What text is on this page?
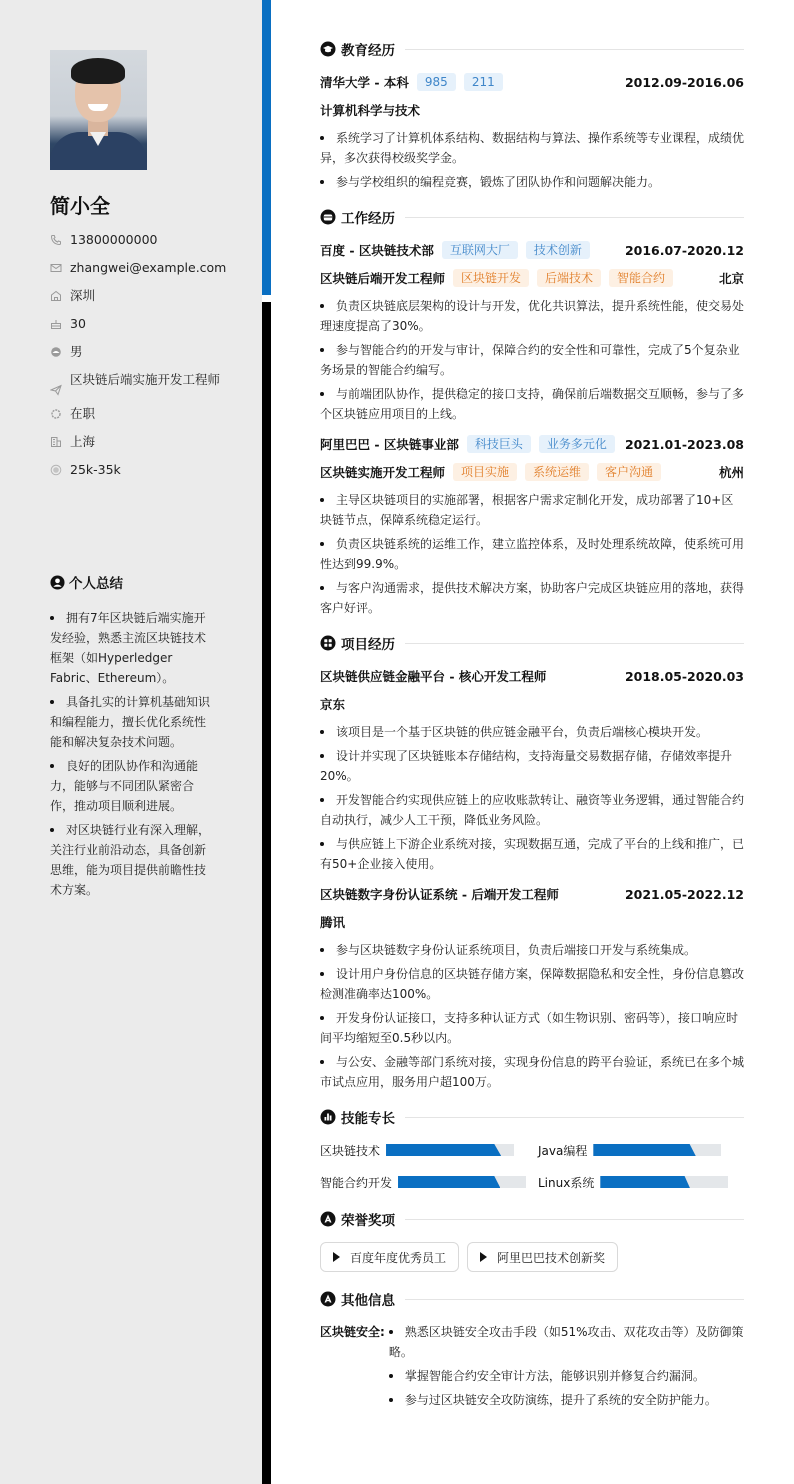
简小全
13800000000
zhangwei@example.com
深圳
30
男
区块链后端实施开发工程师
在职
上海
25k-35k
个人总结
拥有7年区块链后端实施开发经验，熟悉主流区块链技术框架（如Hyperledger Fabric、Ethereum）。
具备扎实的计算机基础知识和编程能力，擅长优化系统性能和解决复杂技术问题。
良好的团队协作和沟通能力，能够与不同团队紧密合作，推动项目顺利进展。
对区块链行业有深入理解，关注行业前沿动态，具备创新思维，能为项目提供前瞻性技术方案。
教育经历
清华大学 - 本科	985	211	2012.09-2016.06
计算机科学与技术
系统学习了计算机体系结构、数据结构与算法、操作系统等专业课程，成绩优异，多次获得校级奖学金。
参与学校组织的编程竞赛，锻炼了团队协作和问题解决能力。
工作经历
百度 - 区块链技术部	互联网大厂	技术创新	2016.07-2020.12
区块链后端开发工程师	区块链开发	后端技术	智能合约	北京
负责区块链底层架构的设计与开发，优化共识算法，提升系统性能，使交易处理速度提高了30%。
参与智能合约的开发与审计，保障合约的安全性和可靠性，完成了5个复杂业务场景的智能合约编写。
与前端团队协作，提供稳定的接口支持，确保前后端数据交互顺畅，参与了多个区块链应用项目的上线。
阿里巴巴 - 区块链事业部	科技巨头	业务多元化	2021.01-2023.08
区块链实施开发工程师	项目实施	系统运维	客户沟通	杭州
主导区块链项目的实施部署，根据客户需求定制化开发，成功部署了10+区块链节点，保障系统稳定运行。
负责区块链系统的运维工作，建立监控体系，及时处理系统故障，使系统可用性达到99.9%。
与客户沟通需求，提供技术解决方案，协助客户完成区块链应用的落地，获得客户好评。
项目经历
区块链供应链金融平台 - 核心开发工程师	2018.05-2020.03
京东
该项目是一个基于区块链的供应链金融平台，负责后端核心模块开发。
设计并实现了区块链账本存储结构，支持海量交易数据存储，存储效率提升20%。
开发智能合约实现供应链上的应收账款转让、融资等业务逻辑，通过智能合约自动执行，减少人工干预，降低业务风险。
与供应链上下游企业系统对接，实现数据互通，完成了平台的上线和推广，已有50+企业接入使用。
区块链数字身份认证系统 - 后端开发工程师	2021.05-2022.12
腾讯
参与区块链数字身份认证系统项目，负责后端接口开发与系统集成。
设计用户身份信息的区块链存储方案，保障数据隐私和安全性，身份信息篡改检测准确率达100%。
开发身份认证接口，支持多种认证方式（如生物识别、密码等），接口响应时间平均缩短至0.5秒以内。
与公安、金融等部门系统对接，实现身份信息的跨平台验证，系统已在多个城市试点应用，服务用户超100万。
技能专长
区块链技术	Java编程
智能合约开发	Linux系统
荣誉奖项
百度年度优秀员工	阿里巴巴技术创新奖
其他信息
区块链安全:	熟悉区块链安全攻击手段（如51%攻击、双花攻击等）及防御策略。
掌握智能合约安全审计方法，能够识别并修复合约漏洞。
参与过区块链安全攻防演练，提升了系统的安全防护能力。
